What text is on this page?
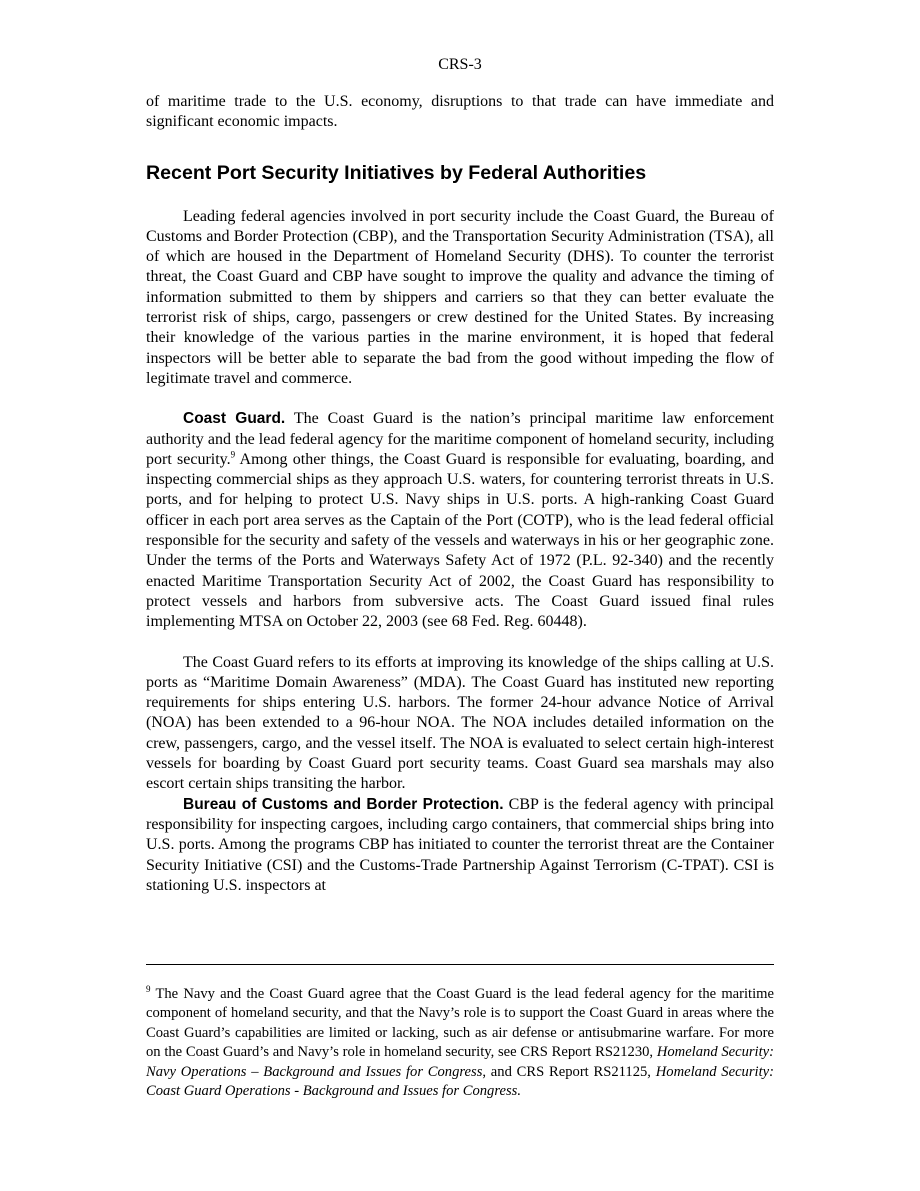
CRS-3

of maritime trade to the U.S. economy, disruptions to that trade can have immediate and significant economic impacts.

Recent Port Security Initiatives by Federal Authorities

Leading federal agencies involved in port security include the Coast Guard, the Bureau of Customs and Border Protection (CBP), and the Transportation Security Administration (TSA), all of which are housed in the Department of Homeland Security (DHS). To counter the terrorist threat, the Coast Guard and CBP have sought to improve the quality and advance the timing of information submitted to them by shippers and carriers so that they can better evaluate the terrorist risk of ships, cargo, passengers or crew destined for the United States. By increasing their knowledge of the various parties in the marine environment, it is hoped that federal inspectors will be better able to separate the bad from the good without impeding the flow of legitimate travel and commerce.

Coast Guard. The Coast Guard is the nation’s principal maritime law enforcement authority and the lead federal agency for the maritime component of homeland security, including port security.$^9$ Among other things, the Coast Guard is responsible for evaluating, boarding, and inspecting commercial ships as they approach U.S. waters, for countering terrorist threats in U.S. ports, and for helping to protect U.S. Navy ships in U.S. ports. A high-ranking Coast Guard officer in each port area serves as the Captain of the Port (COTP), who is the lead federal official responsible for the security and safety of the vessels and waterways in his or her geographic zone. Under the terms of the Ports and Waterways Safety Act of 1972 (P.L. 92-340) and the recently enacted Maritime Transportation Security Act of 2002, the Coast Guard has responsibility to protect vessels and harbors from subversive acts. The Coast Guard issued final rules implementing MTSA on October 22, 2003 (see 68 Fed. Reg. 60448).

The Coast Guard refers to its efforts at improving its knowledge of the ships calling at U.S. ports as “Maritime Domain Awareness” (MDA). The Coast Guard has instituted new reporting requirements for ships entering U.S. harbors. The former 24-hour advance Notice of Arrival (NOA) has been extended to a 96-hour NOA. The NOA includes detailed information on the crew, passengers, cargo, and the vessel itself. The NOA is evaluated to select certain high-interest vessels for boarding by Coast Guard port security teams. Coast Guard sea marshals may also escort certain ships transiting the harbor.

Bureau of Customs and Border Protection. CBP is the federal agency with principal responsibility for inspecting cargoes, including cargo containers, that commercial ships bring into U.S. ports. Among the programs CBP has initiated to counter the terrorist threat are the Container Security Initiative (CSI) and the Customs-Trade Partnership Against Terrorism (C-TPAT). CSI is stationing U.S. inspectors at

$^9$ The Navy and the Coast Guard agree that the Coast Guard is the lead federal agency for the maritime component of homeland security, and that the Navy’s role is to support the Coast Guard in areas where the Coast Guard’s capabilities are limited or lacking, such as air defense or antisubmarine warfare. For more on the Coast Guard’s and Navy’s role in homeland security, see CRS Report RS21230, Homeland Security: Navy Operations – Background and Issues for Congress, and CRS Report RS21125, Homeland Security: Coast Guard Operations - Background and Issues for Congress.
